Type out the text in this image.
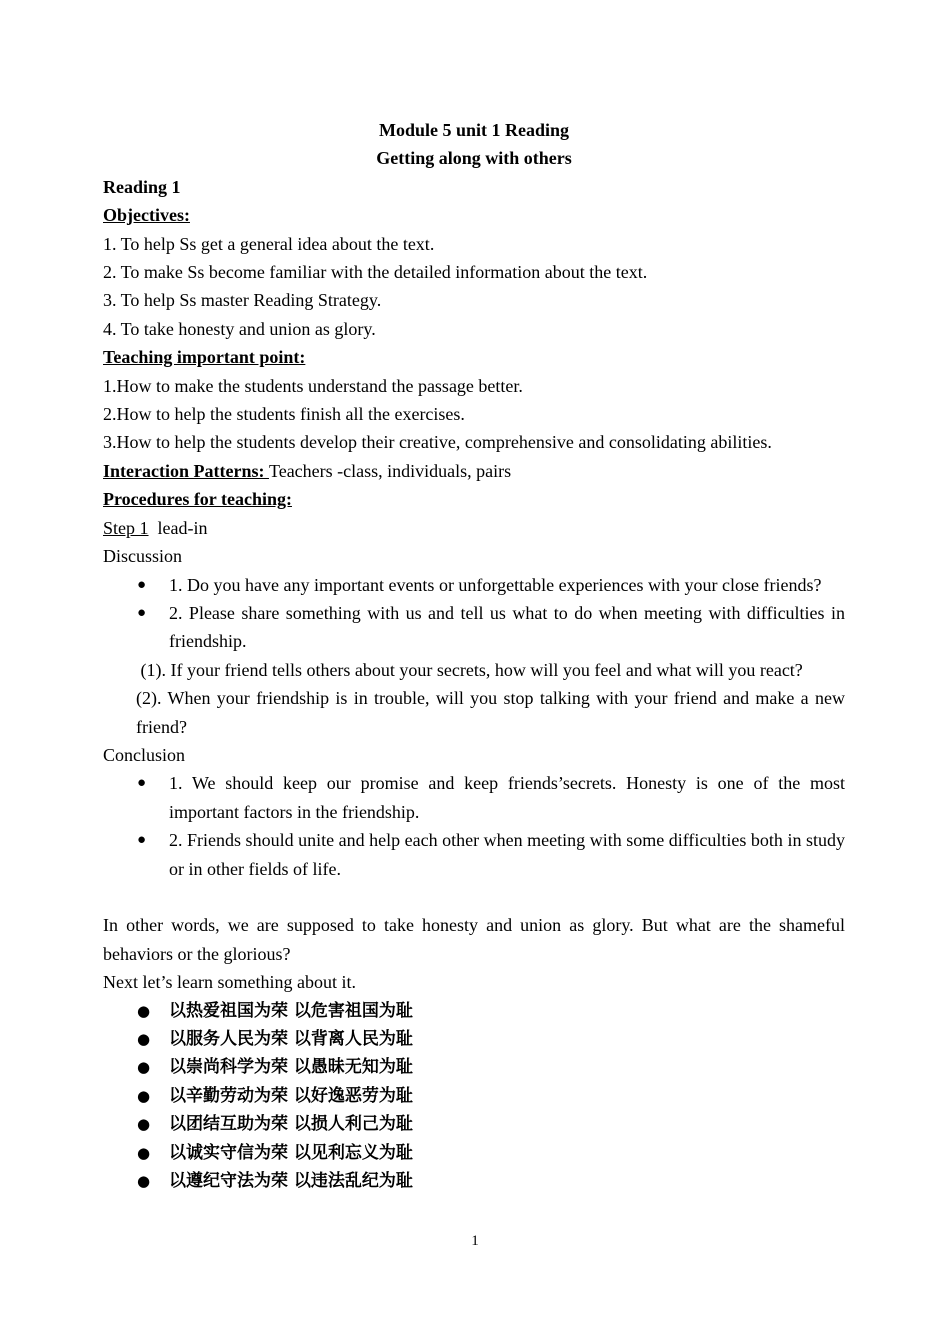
Module 5 unit 1 Reading

Getting along with others

Reading 1

Objectives:

1. To help Ss get a general idea about the text.

2. To make Ss become familiar with the detailed information about the text.

3. To help Ss master Reading Strategy.

4. To take honesty and union as glory.

Teaching important point:

1.How to make the students understand the passage better.

2.How to help the students finish all the exercises.

3.How to help the students develop their creative, comprehensive and consolidating abilities.

Interaction Patterns: Teachers -class, individuals, pairs

Procedures for teaching:

Step 1  lead-in

Discussion

● 1. Do you have any important events or unforgettable experiences with your close friends?
● 2. Please share something with us and tell us what to do when meeting with difficulties in friendship.

(1). If your friend tells others about your secrets, how will you feel and what will you react?

(2). When your friendship is in trouble, will you stop talking with your friend and make a new friend?

Conclusion

● 1. We should keep our promise and keep friends’secrets. Honesty is one of the most important factors in the friendship.
● 2. Friends should unite and help each other when meeting with some difficulties both in study or in other fields of life.

In other words, we are supposed to take honesty and union as glory. But what are the shameful behaviors or the glorious?

Next let’s learn something about it.

● 以热爱祖国为荣 以危害祖国为耻
● 以服务人民为荣 以背离人民为耻
● 以崇尚科学为荣 以愚昧无知为耻
● 以辛勤劳动为荣 以好逸恶劳为耻
● 以团结互助为荣 以损人利己为耻
● 以诚实守信为荣 以见利忘义为耻
● 以遵纪守法为荣 以违法乱纪为耻
1
